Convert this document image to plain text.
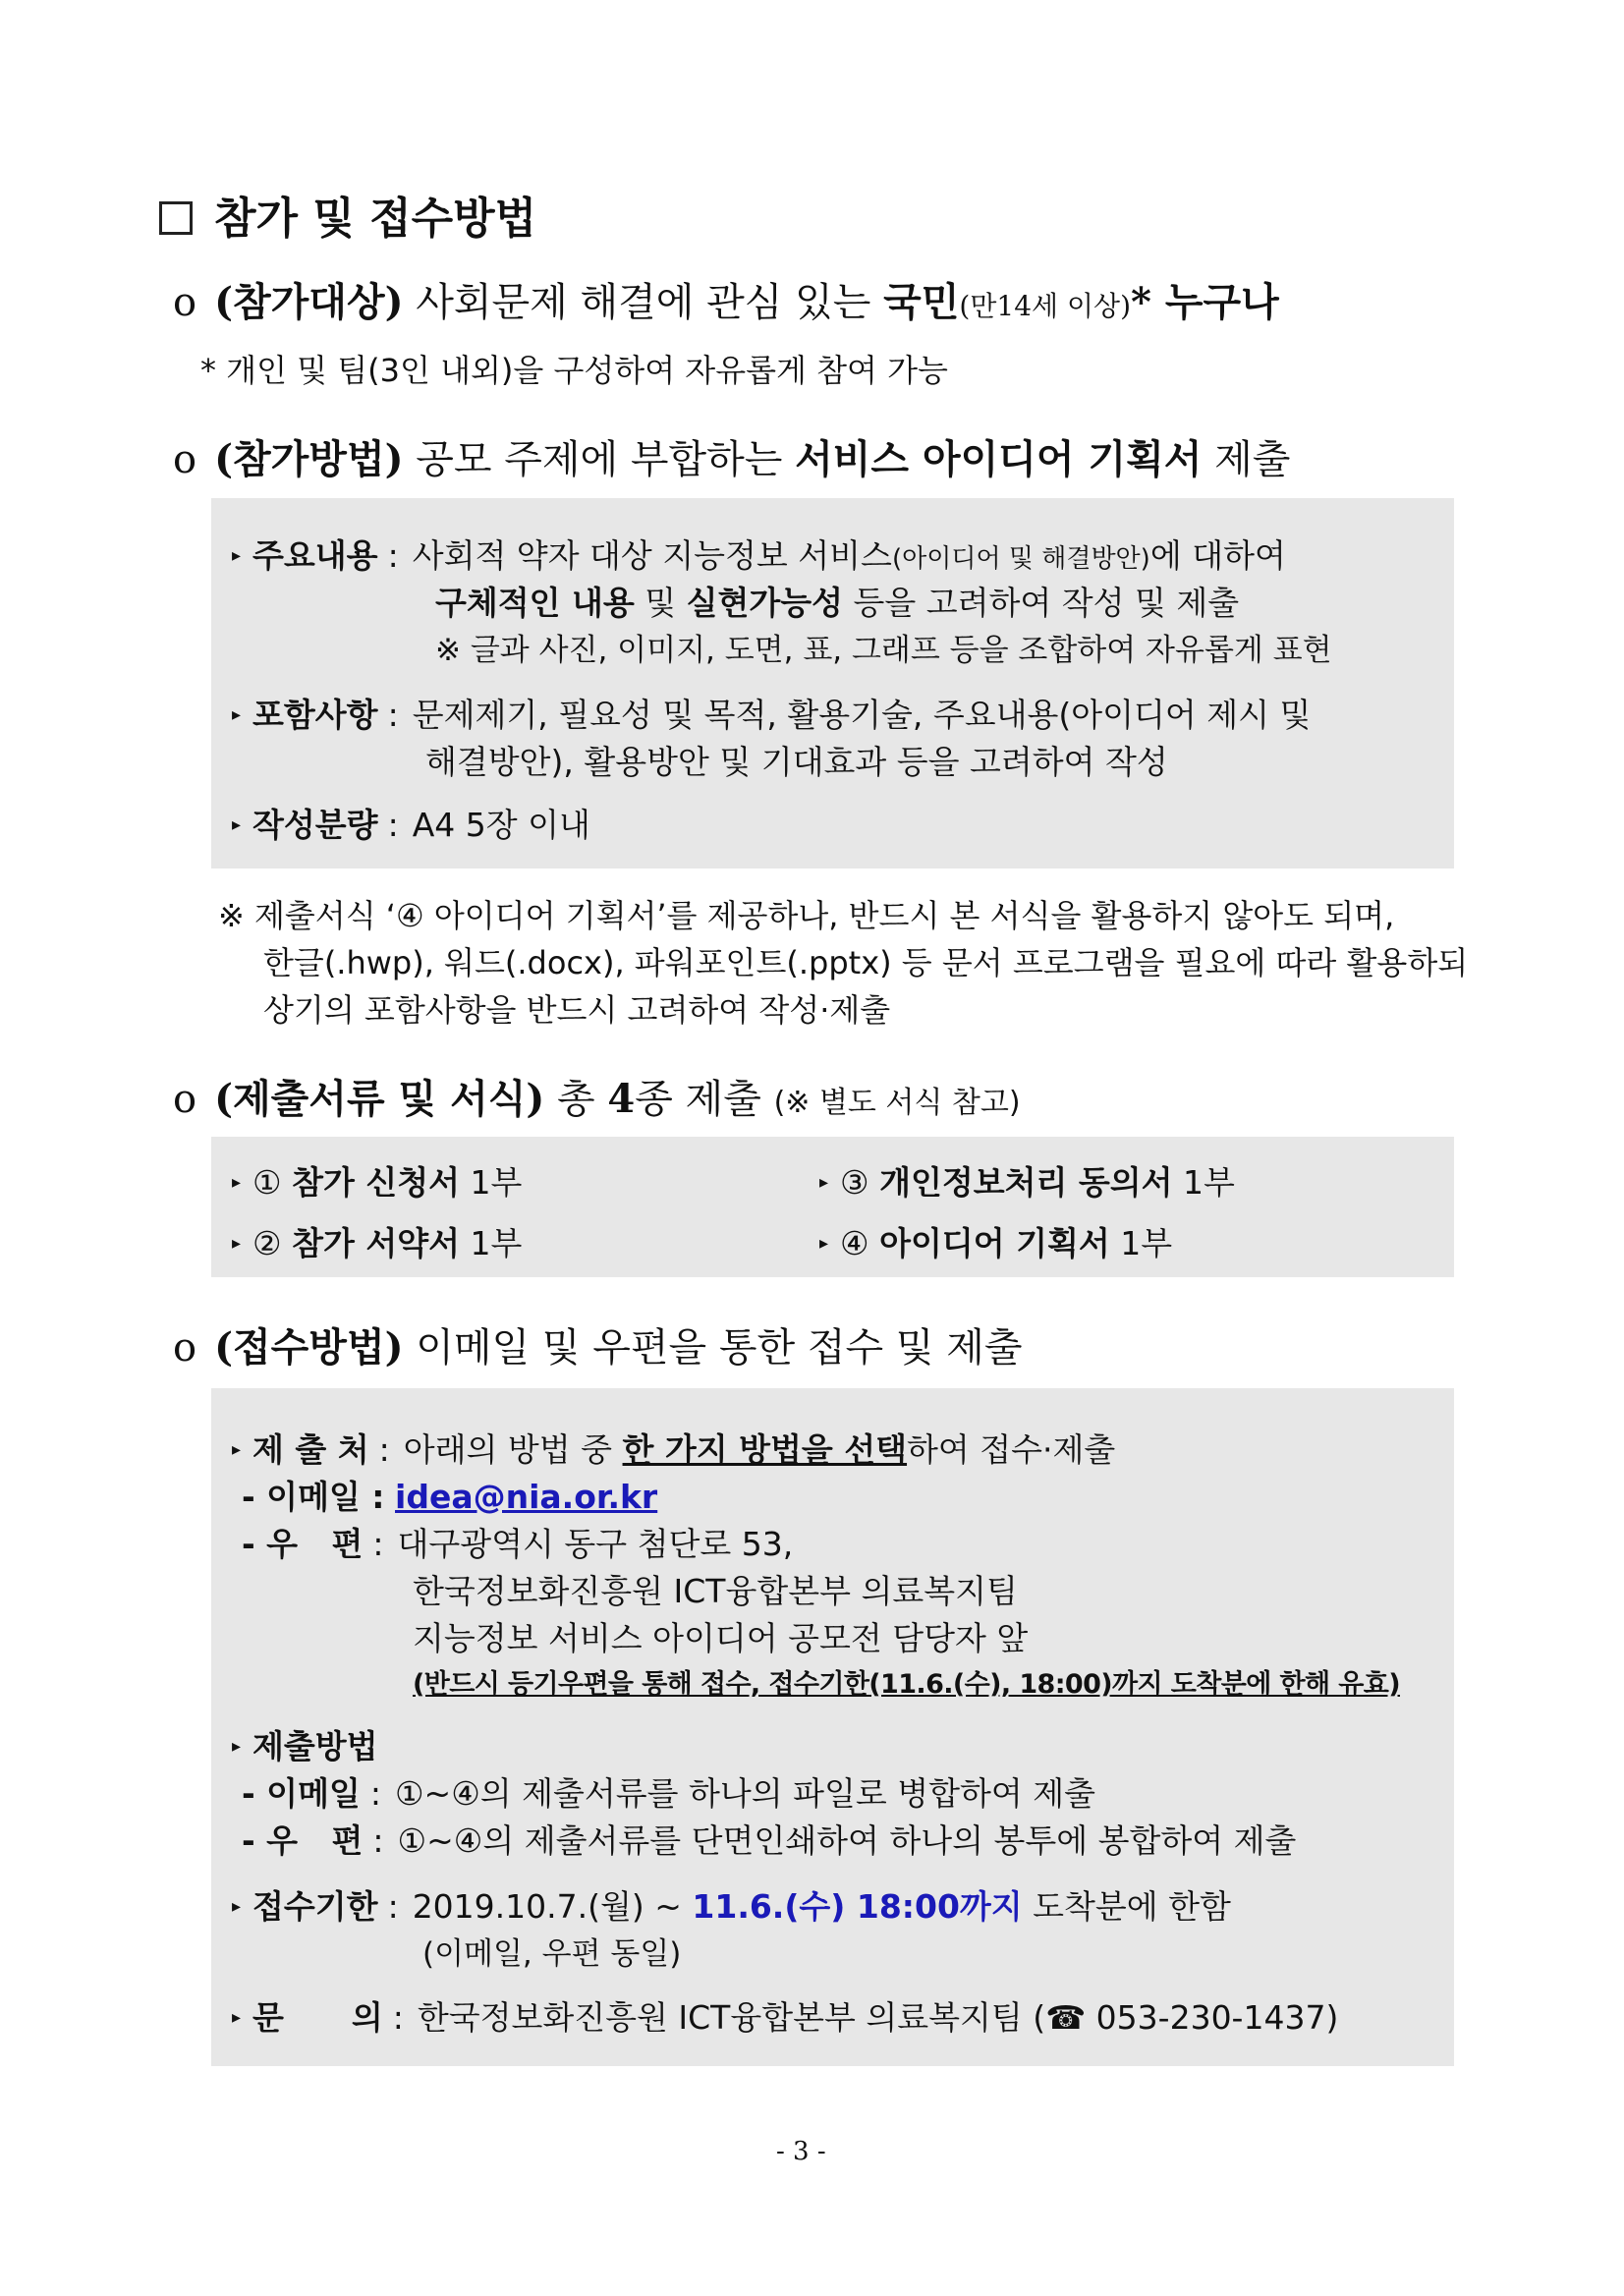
참가 및 접수방법
o (참가대상) 사회문제 해결에 관심 있는 국민(만14세 이상)* 누구나
* 개인 및 팀(3인 내외)을 구성하여 자유롭게 참여 가능
o (참가방법) 공모 주제에 부합하는 서비스 아이디어 기획서 제출
▸ 주요내용 : 사회적 약자 대상 지능정보 서비스(아이디어 및 해결방안)에 대하여
구체적인 내용 및 실현가능성 등을 고려하여 작성 및 제출
※ 글과 사진, 이미지, 도면, 표, 그래프 등을 조합하여 자유롭게 표현
▸ 포함사항 : 문제제기, 필요성 및 목적, 활용기술, 주요내용(아이디어 제시 및
해결방안), 활용방안 및 기대효과 등을 고려하여 작성
▸ 작성분량 : A4 5장 이내
※ 제출서식 ‘④ 아이디어 기획서’를 제공하나, 반드시 본 서식을 활용하지 않아도 되며,
한글(.hwp), 워드(.docx), 파워포인트(.pptx) 등 문서 프로그램을 필요에 따라 활용하되
상기의 포함사항을 반드시 고려하여 작성·제출
o (제출서류 및 서식) 총 4종 제출 (※ 별도 서식 참고)
▸ ① 참가 신청서 1부
▸ ② 참가 서약서 1부
▸ ③ 개인정보처리 동의서 1부
▸ ④ 아이디어 기획서 1부
o (접수방법) 이메일 및 우편을 통한 접수 및 제출
▸ 제 출 처 : 아래의 방법 중 한 가지 방법을 선택하여 접수·제출
- 이메일 : idea@nia.or.kr
- 우   편 : 대구광역시 동구 첨단로 53,
한국정보화진흥원 ICT융합본부 의료복지팀
지능정보 서비스 아이디어 공모전 담당자 앞
(반드시 등기우편을 통해 접수, 접수기한(11.6.(수), 18:00)까지 도착분에 한해 유효)
▸ 제출방법
- 이메일 : ①~④의 제출서류를 하나의 파일로 병합하여 제출
- 우   편 : ①~④의 제출서류를 단면인쇄하여 하나의 봉투에 봉합하여 제출
▸ 접수기한 : 2019.10.7.(월) ~ 11.6.(수) 18:00까지 도착분에 한함
(이메일, 우편 동일)
▸ 문      의 : 한국정보화진흥원 ICT융합본부 의료복지팀 (☎ 053-230-1437)
- 3 -
